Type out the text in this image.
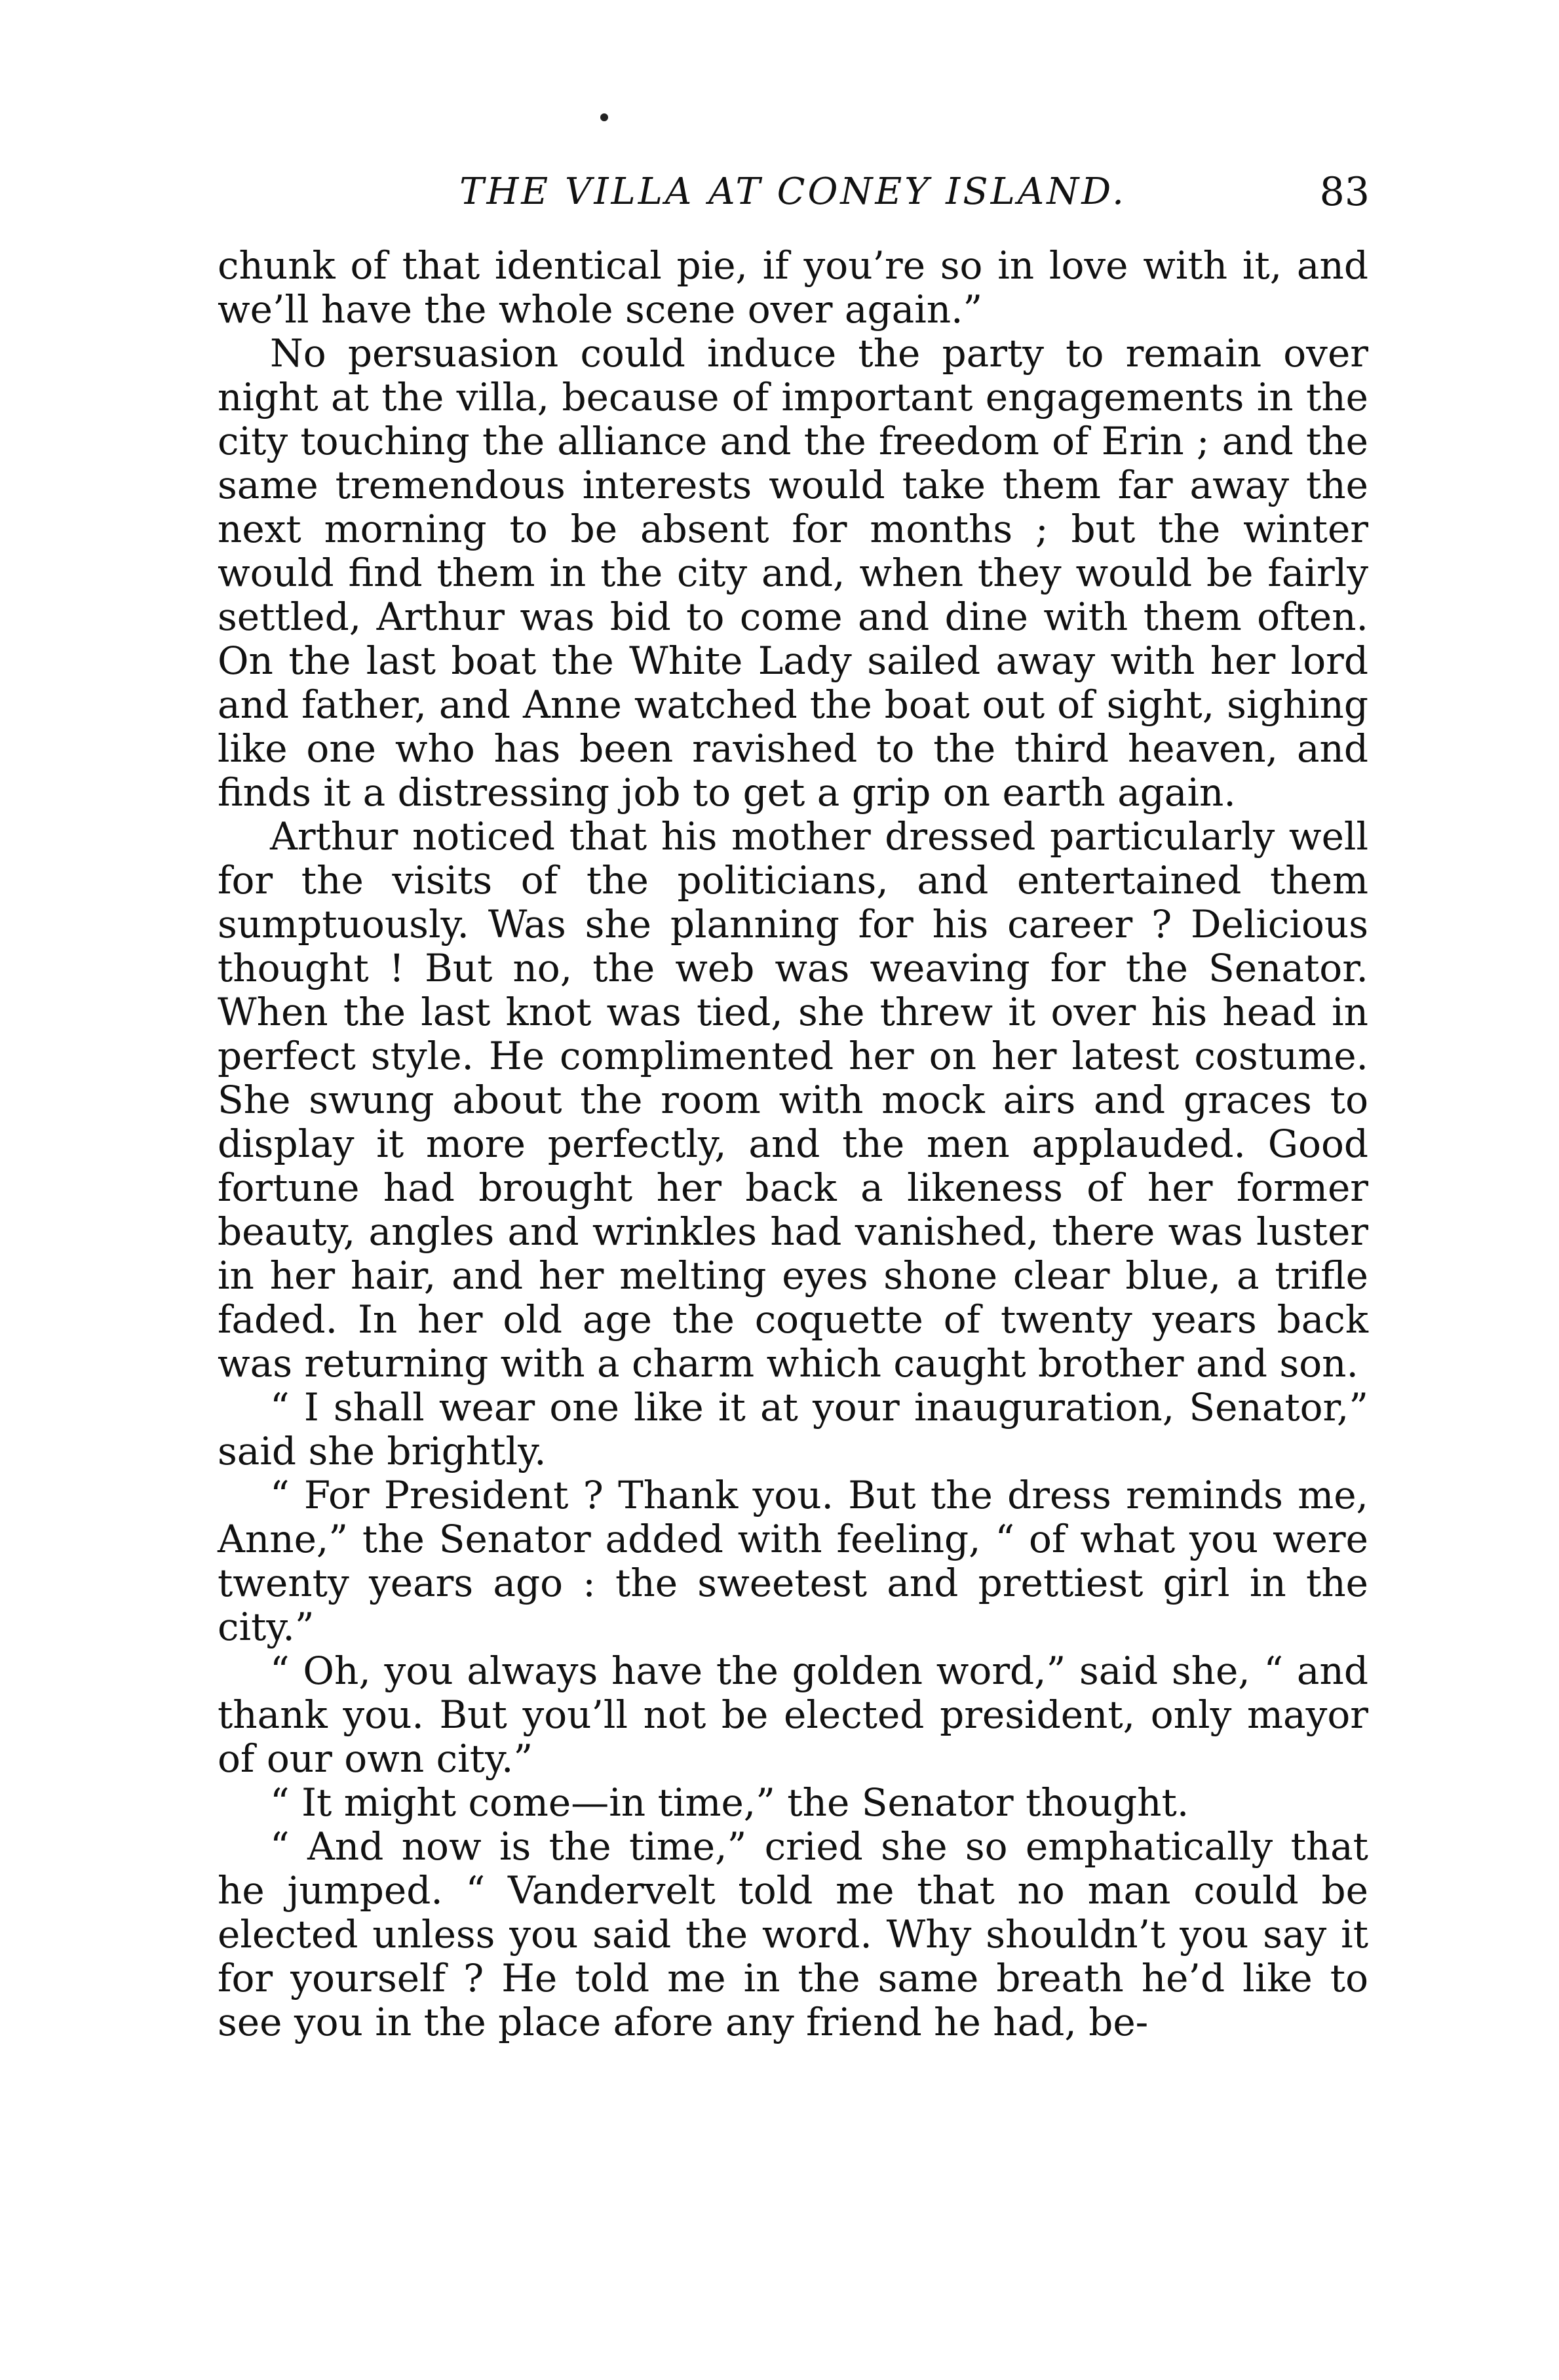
THE VILLA AT CONEY ISLAND.	83

chunk of that identical pie, if you’re so in love with it, and we’ll have the whole scene over again.”

No persuasion could induce the party to remain over night at the villa, because of important engagements in the city touching the alliance and the freedom of Erin ; and the same tremendous interests would take them far away the next morning to be absent for months ; but the winter would find them in the city and, when they would be fairly settled, Arthur was bid to come and dine with them often. On the last boat the White Lady sailed away with her lord and father, and Anne watched the boat out of sight, sighing like one who has been ravished to the third heaven, and finds it a distressing job to get a grip on earth again.

Arthur noticed that his mother dressed particularly well for the visits of the politicians, and entertained them sumptuously. Was she planning for his career ? Delicious thought ! But no, the web was weaving for the Senator. When the last knot was tied, she threw it over his head in perfect style. He complimented her on her latest costume. She swung about the room with mock airs and graces to display it more perfectly, and the men applauded. Good fortune had brought her back a likeness of her former beauty, angles and wrinkles had vanished, there was luster in her hair, and her melting eyes shone clear blue, a trifle faded. In her old age the coquette of twenty years back was returning with a charm which caught brother and son.

“ I shall wear one like it at your inauguration, Senator,” said she brightly.

“ For President ? Thank you. But the dress reminds me, Anne,” the Senator added with feeling, “ of what you were twenty years ago : the sweetest and prettiest girl in the city.”

“ Oh, you always have the golden word,” said she, “ and thank you. But you’ll not be elected president, only mayor of our own city.”

“ It might come—in time,” the Senator thought.

“ And now is the time,” cried she so emphatically that he jumped. “ Vandervelt told me that no man could be elected unless you said the word. Why shouldn’t you say it for yourself ? He told me in the same breath he’d like to see you in the place afore any friend he had, be-
